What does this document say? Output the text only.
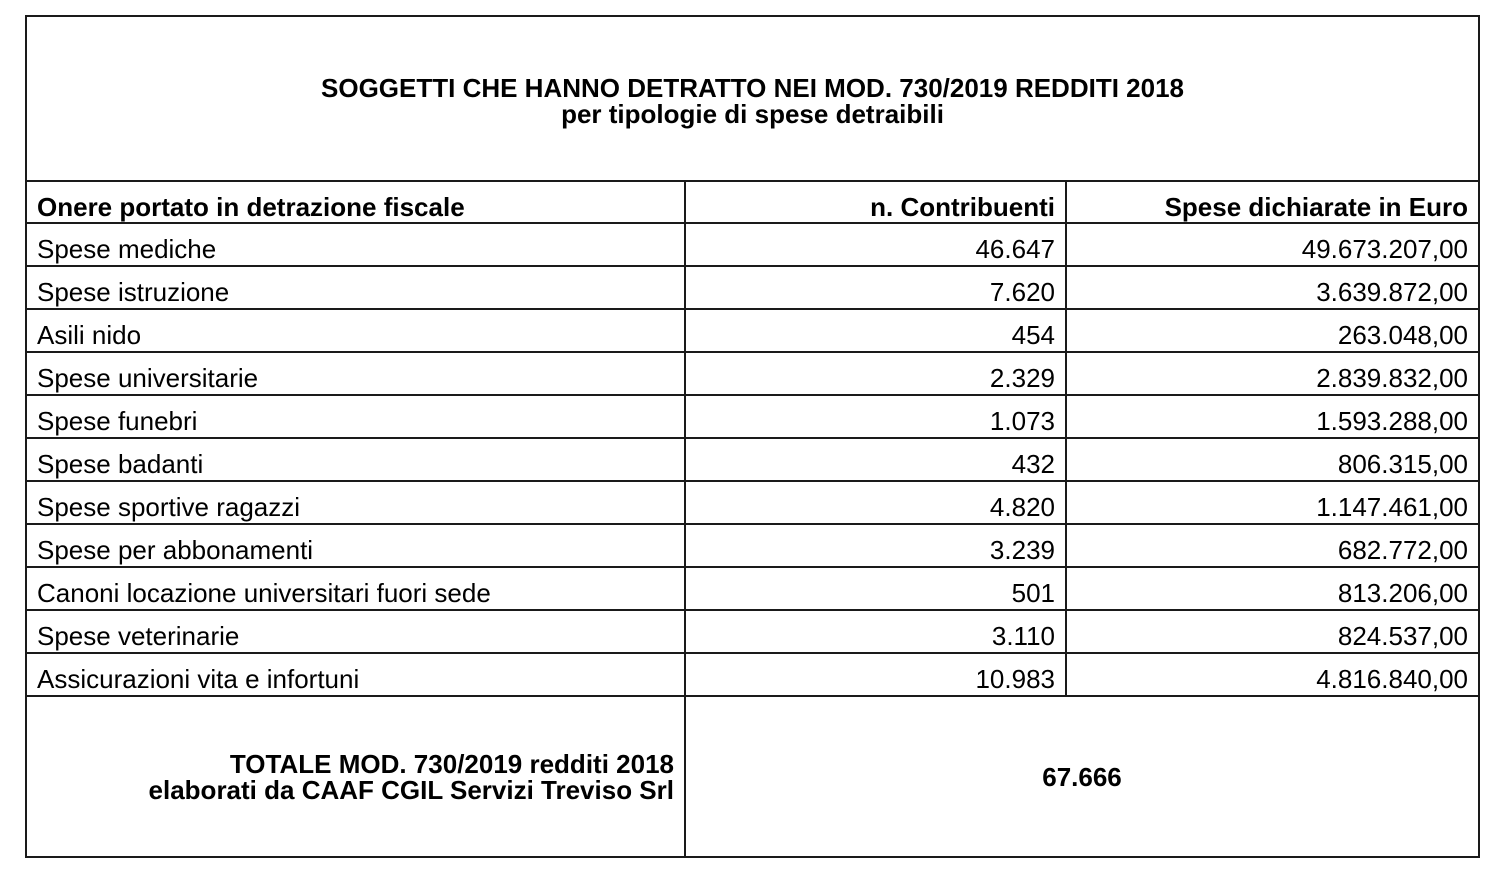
SOGGETTI CHE HANNO DETRATTO NEI MOD. 730/2019 REDDITI 2018
per tipologie di spese detraibili		

Onere portato in detrazione fiscale	n. Contribuenti	Spese dichiarate in Euro
Spese mediche	46.647	49.673.207,00
Spese istruzione	7.620	3.639.872,00
Asili nido	454	263.048,00
Spese universitarie	2.329	2.839.832,00
Spese funebri	1.073	1.593.288,00
Spese badanti	432	806.315,00
Spese sportive ragazzi	4.820	1.147.461,00
Spese per abbonamenti	3.239	682.772,00
Canoni locazione universitari fuori sede	501	813.206,00
Spese veterinarie	3.110	824.537,00
Assicurazioni vita e infortuni	10.983	4.816.840,00

TOTALE MOD. 730/2019 redditi 2018
elaborati da CAAF CGIL Servizi Treviso Srl	67.666	
